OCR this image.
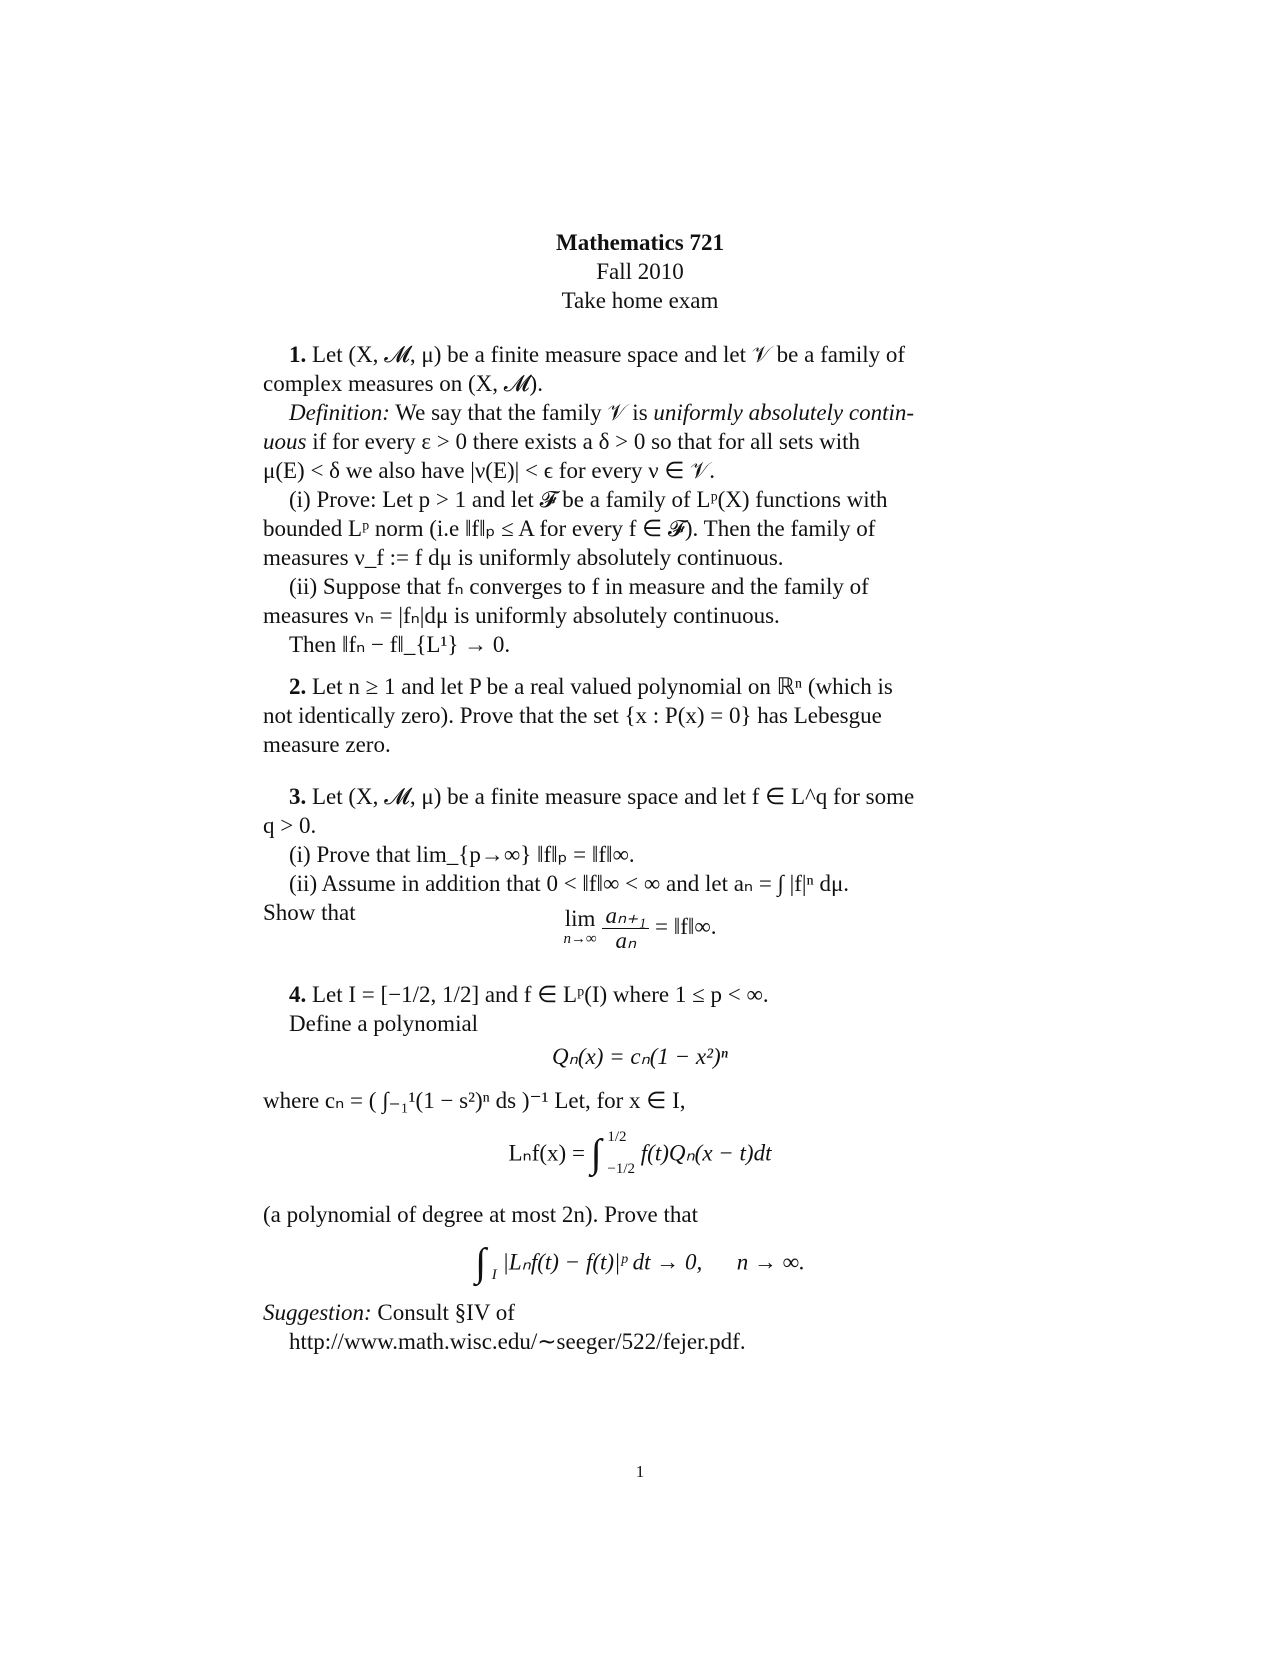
Mathematics 721
Fall 2010
Take home exam
1. Let (X, 𝓜, μ) be a finite measure space and let 𝒱 be a family of
complex measures on (X, 𝓜).
Definition: We say that the family 𝒱 is uniformly absolutely contin-
uous if for every ε > 0 there exists a δ > 0 so that for all sets with
μ(E) < δ we also have |ν(E)| < ϵ for every ν ∈ 𝒱.
(i) Prove: Let p > 1 and let 𝓕 be a family of Lᵖ(X) functions with
bounded Lᵖ norm (i.e ‖f‖ₚ ≤ A for every f ∈ 𝓕). Then the family of
measures ν_f := f dμ is uniformly absolutely continuous.
(ii) Suppose that fₙ converges to f in measure and the family of
measures νₙ = |fₙ|dμ is uniformly absolutely continuous.
Then ‖fₙ − f‖_{L¹} → 0.
2. Let n ≥ 1 and let P be a real valued polynomial on ℝⁿ (which is
not identically zero). Prove that the set {x : P(x) = 0} has Lebesgue
measure zero.
3. Let (X, 𝓜, μ) be a finite measure space and let f ∈ L^q for some
q > 0.
(i) Prove that lim_{p→∞} ‖f‖ₚ = ‖f‖∞.
(ii) Assume in addition that 0 < ‖f‖∞ < ∞ and let aₙ = ∫ |f|ⁿ dμ.
Show that	lim
n→∞
$\frac{\text{aₙ₊₁}}{\text{aₙ}}$ = ‖f‖∞.
4. Let I = [−1/2, 1/2] and f ∈ Lᵖ(I) where 1 ≤ p < ∞.
Define a polynomial
Qₙ(x) = cₙ(1 − x²)ⁿ
where cₙ = ( ∫₋₁¹(1 − s²)ⁿ ds )⁻¹ Let, for x ∈ I,
Lₙf(x) = ∫ 1/2
−1/2
f(t)Qₙ(x − t)dt
(a polynomial of degree at most 2n). Prove that
∫ I
|Lₙf(t) − f(t)|ᵖ dt → 0,      n → ∞.
Suggestion: Consult §IV of
http://www.math.wisc.edu/∼seeger/522/fejer.pdf.
1
